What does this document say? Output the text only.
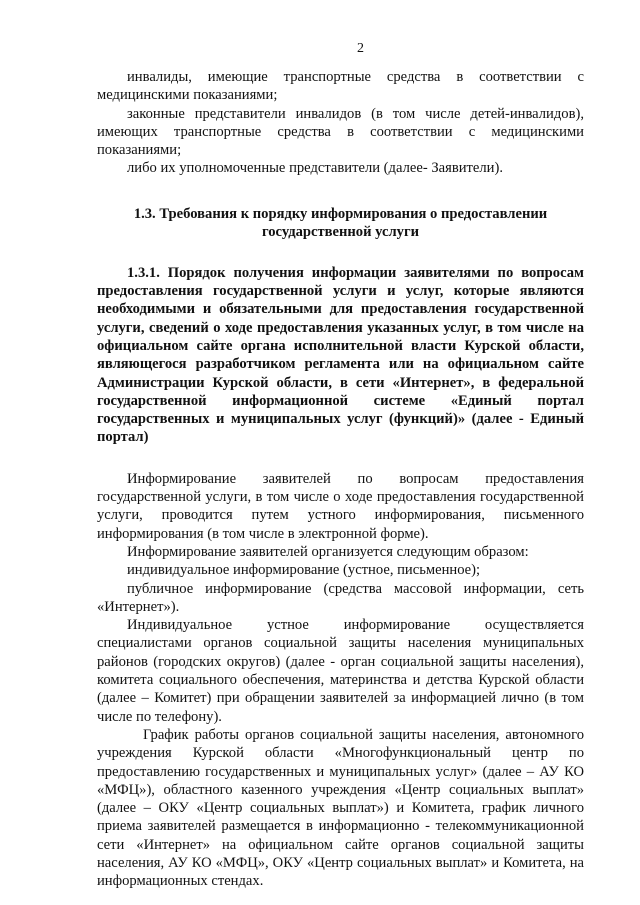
2

инвалиды, имеющие транспортные средства в соответствии с медицинскими показаниями;

законные представители инвалидов (в том числе детей-инвалидов), имеющих транспортные средства в соответствии с медицинскими показаниями;

либо их уполномоченные представители (далее- Заявители).

1.3. Требования к порядку информирования о предоставлении государственной услуги

1.3.1. Порядок получения информации заявителями по вопросам предоставления государственной услуги и услуг, которые являются необходимыми и обязательными для предоставления государственной услуги, сведений о ходе предоставления указанных услуг, в том числе на официальном сайте органа исполнительной власти Курской области, являющегося разработчиком регламента или на официальном сайте Администрации Курской области, в сети «Интернет», в федеральной государственной информационной системе «Единый портал государственных и муниципальных услуг (функций)» (далее - Единый портал)

Информирование заявителей по вопросам предоставления государственной услуги, в том числе о ходе предоставления государственной услуги, проводится путем устного информирования, письменного информирования (в том числе в электронной форме).

Информирование заявителей организуется следующим образом:

индивидуальное информирование (устное, письменное);

публичное информирование (средства массовой информации, сеть «Интернет»).

Индивидуальное устное информирование осуществляется специалистами органов социальной защиты населения муниципальных районов (городских округов) (далее - орган социальной защиты населения), комитета социального обеспечения, материнства и детства Курской области (далее – Комитет) при обращении заявителей за информацией лично (в том числе по телефону).

График работы органов социальной защиты населения, автономного учреждения Курской области «Многофункциональный центр по предоставлению государственных и муниципальных услуг» (далее – АУ КО «МФЦ»), областного казенного учреждения «Центр социальных выплат» (далее – ОКУ «Центр социальных выплат») и Комитета, график личного приема заявителей размещается в информационно - телекоммуникационной сети «Интернет» на официальном сайте органов социальной защиты населения, АУ КО «МФЦ», ОКУ «Центр социальных выплат» и Комитета, на информационных стендах.
